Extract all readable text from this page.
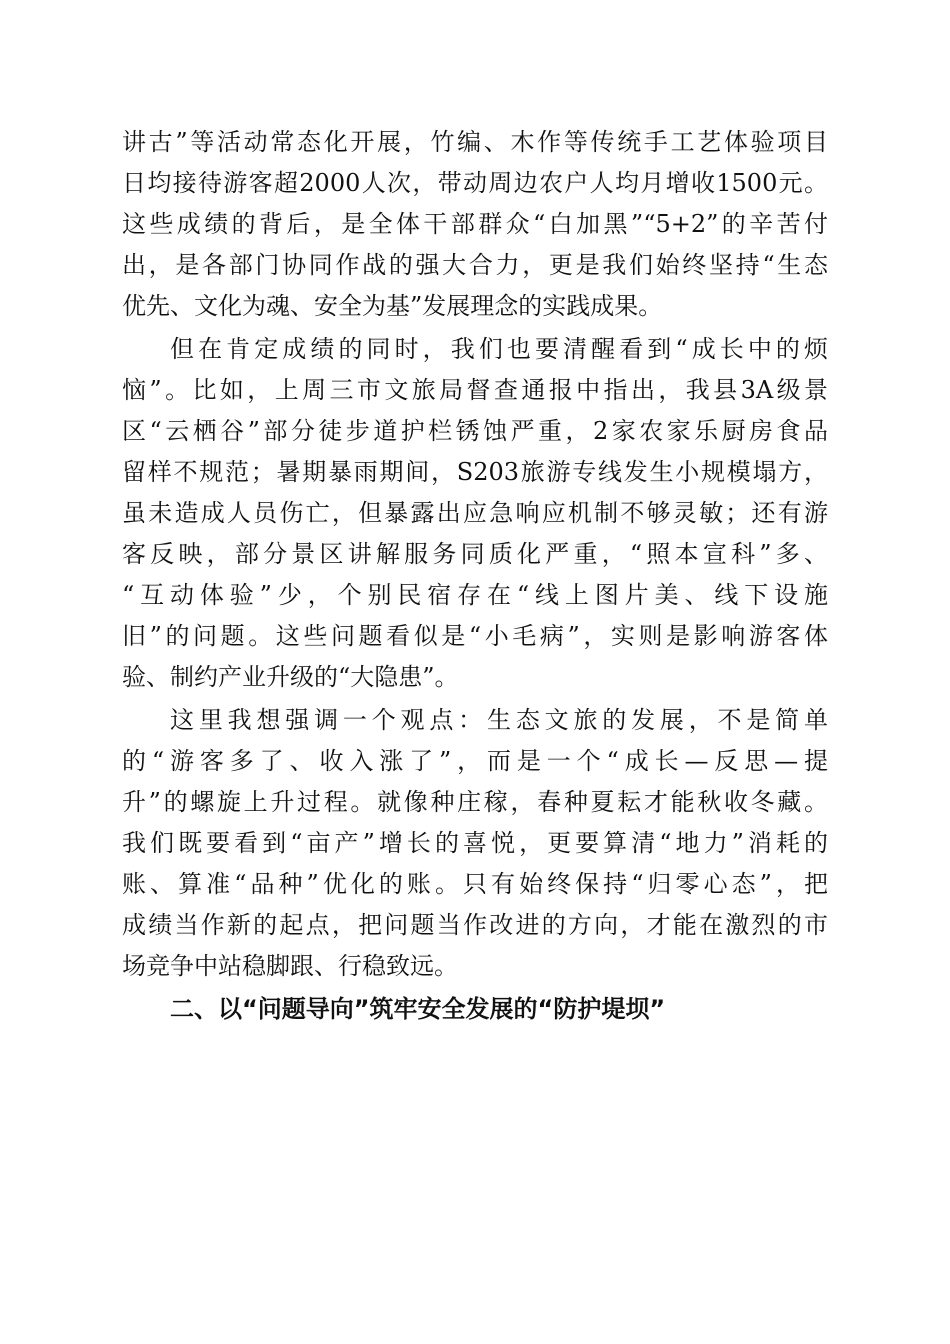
讲古”等活动常态化开展，竹编、木作等传统手工艺体验项目
日均接待游客超2000人次，带动周边农户人均月增收1500元。
这些成绩的背后，是全体干部群众“白加黑”“5+2”的辛苦付
出，是各部门协同作战的强大合力，更是我们始终坚持“生态
优先、文化为魂、安全为基”发展理念的实践成果。
但在肯定成绩的同时，我们也要清醒看到“成长中的烦
恼”。比如，上周三市文旅局督查通报中指出，我县3A级景
区“云栖谷”部分徒步道护栏锈蚀严重，2家农家乐厨房食品
留样不规范；暑期暴雨期间，S203旅游专线发生小规模塌方，
虽未造成人员伤亡，但暴露出应急响应机制不够灵敏；还有游
客反映，部分景区讲解服务同质化严重，“照本宣科”多、
“互动体验”少，个别民宿存在“线上图片美、线下设施
旧”的问题。这些问题看似是“小毛病”，实则是影响游客体
验、制约产业升级的“大隐患”。
这里我想强调一个观点：生态文旅的发展，不是简单
的“游客多了、收入涨了”，而是一个“成长—反思—提
升”的螺旋上升过程。就像种庄稼，春种夏耘才能秋收冬藏。
我们既要看到“亩产”增长的喜悦，更要算清“地力”消耗的
账、算准“品种”优化的账。只有始终保持“归零心态”，把
成绩当作新的起点，把问题当作改进的方向，才能在激烈的市
场竞争中站稳脚跟、行稳致远。
二、以“问题导向”筑牢安全发展的“防护堤坝”
